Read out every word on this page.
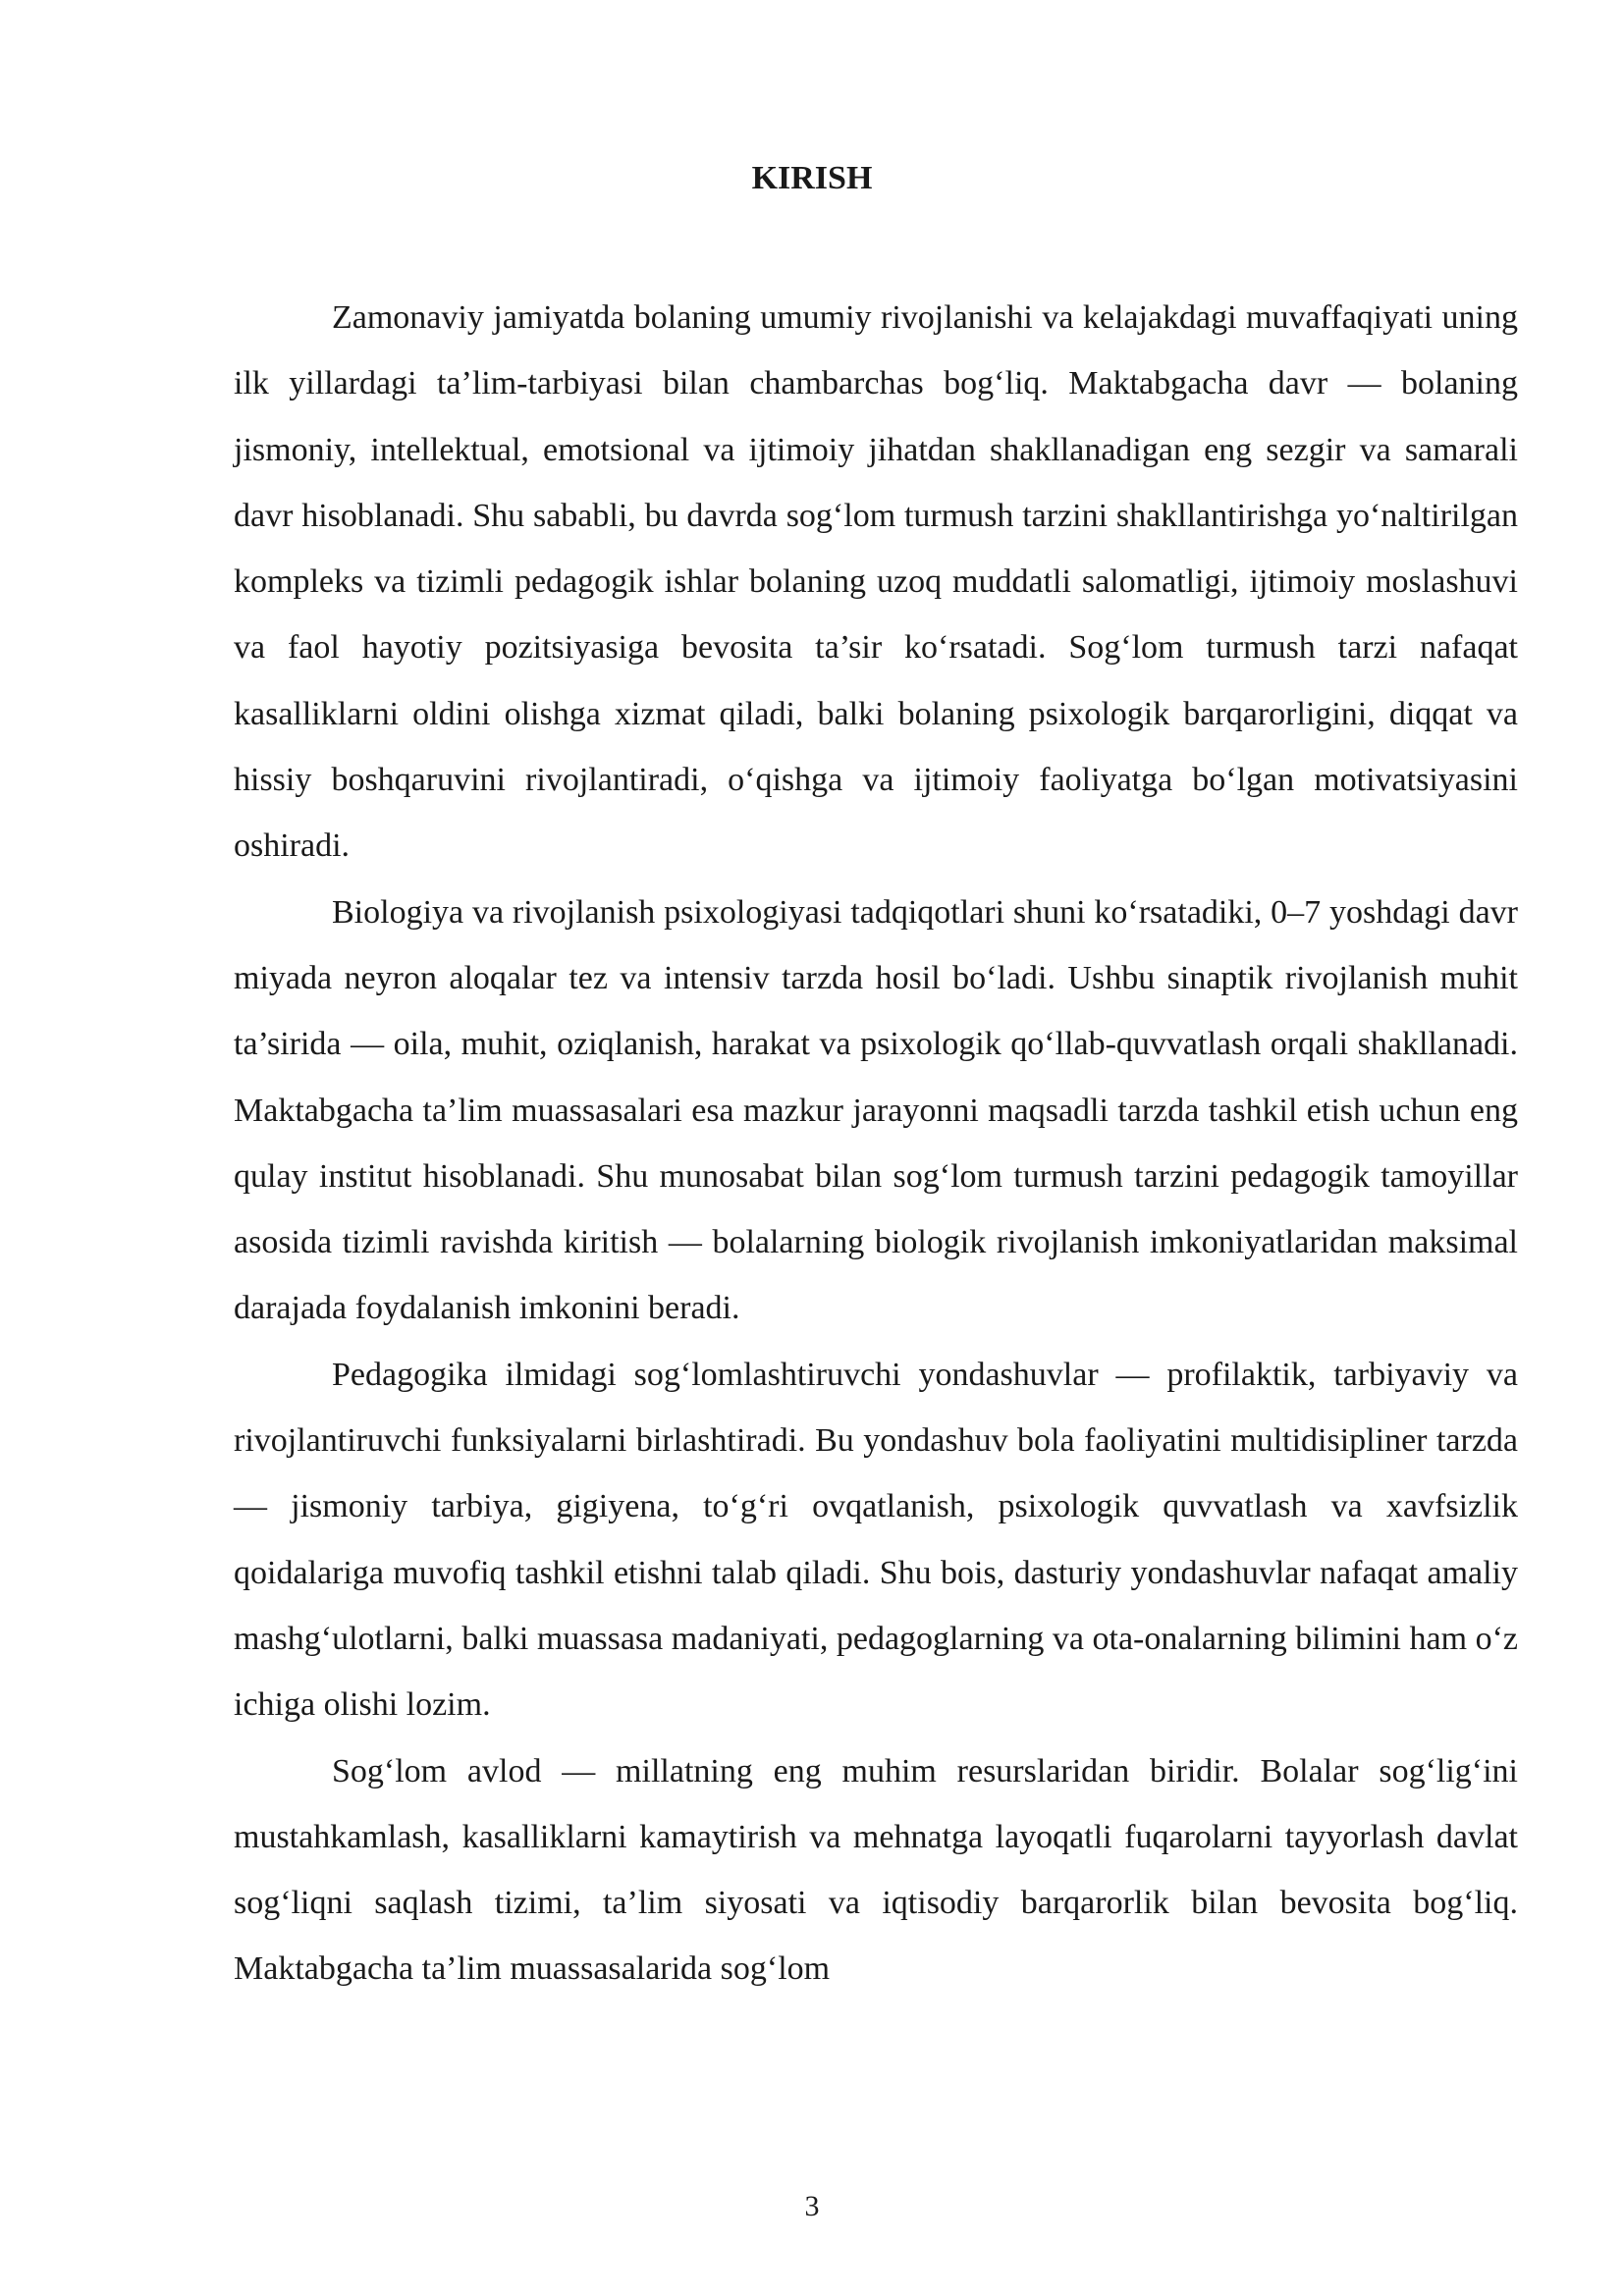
KIRISH

Zamonaviy jamiyatda bolaning umumiy rivojlanishi va kelajakdagi muvaffaqiyati uning ilk yillardagi ta’lim-tarbiyasi bilan chambarchas bog‘liq. Maktabgacha davr — bolaning jismoniy, intellektual, emotsional va ijtimoiy jihatdan shakllanadigan eng sezgir va samarali davr hisoblanadi. Shu sababli, bu davrda sog‘lom turmush tarzini shakllantirishga yo‘naltirilgan kompleks va tizimli pedagogik ishlar bolaning uzoq muddatli salomatligi, ijtimoiy moslashuvi va faol hayotiy pozitsiyasiga bevosita ta’sir ko‘rsatadi. Sog‘lom turmush tarzi nafaqat kasalliklarni oldini olishga xizmat qiladi, balki bolaning psixologik barqarorligini, diqqat va hissiy boshqaruvini rivojlantiradi, o‘qishga va ijtimoiy faoliyatga bo‘lgan motivatsiyasini oshiradi.

Biologiya va rivojlanish psixologiyasi tadqiqotlari shuni ko‘rsatadiki, 0–7 yoshdagi davr miyada neyron aloqalar tez va intensiv tarzda hosil bo‘ladi. Ushbu sinaptik rivojlanish muhit ta’sirida — oila, muhit, oziqlanish, harakat va psixologik qo‘llab-quvvatlash orqali shakllanadi. Maktabgacha ta’lim muassasalari esa mazkur jarayonni maqsadli tarzda tashkil etish uchun eng qulay institut hisoblanadi. Shu munosabat bilan sog‘lom turmush tarzini pedagogik tamoyillar asosida tizimli ravishda kiritish — bolalarning biologik rivojlanish imkoniyatlaridan maksimal darajada foydalanish imkonini beradi.

Pedagogika ilmidagi sog‘lomlashtiruvchi yondashuvlar — profilaktik, tarbiyaviy va rivojlantiruvchi funksiyalarni birlashtiradi. Bu yondashuv bola faoliyatini multidisipliner tarzda — jismoniy tarbiya, gigiyena, to‘g‘ri ovqatlanish, psixologik quvvatlash va xavfsizlik qoidalariga muvofiq tashkil etishni talab qiladi. Shu bois, dasturiy yondashuvlar nafaqat amaliy mashg‘ulotlarni, balki muassasa madaniyati, pedagoglarning va ota-onalarning bilimini ham o‘z ichiga olishi lozim.

Sog‘lom avlod — millatning eng muhim resurslaridan biridir. Bolalar sog‘lig‘ini mustahkamlash, kasalliklarni kamaytirish va mehnatga layoqatli fuqarolarni tayyorlash davlat sog‘liqni saqlash tizimi, ta’lim siyosati va iqtisodiy barqarorlik bilan bevosita bog‘liq. Maktabgacha ta’lim muassasalarida sog‘lom

3
